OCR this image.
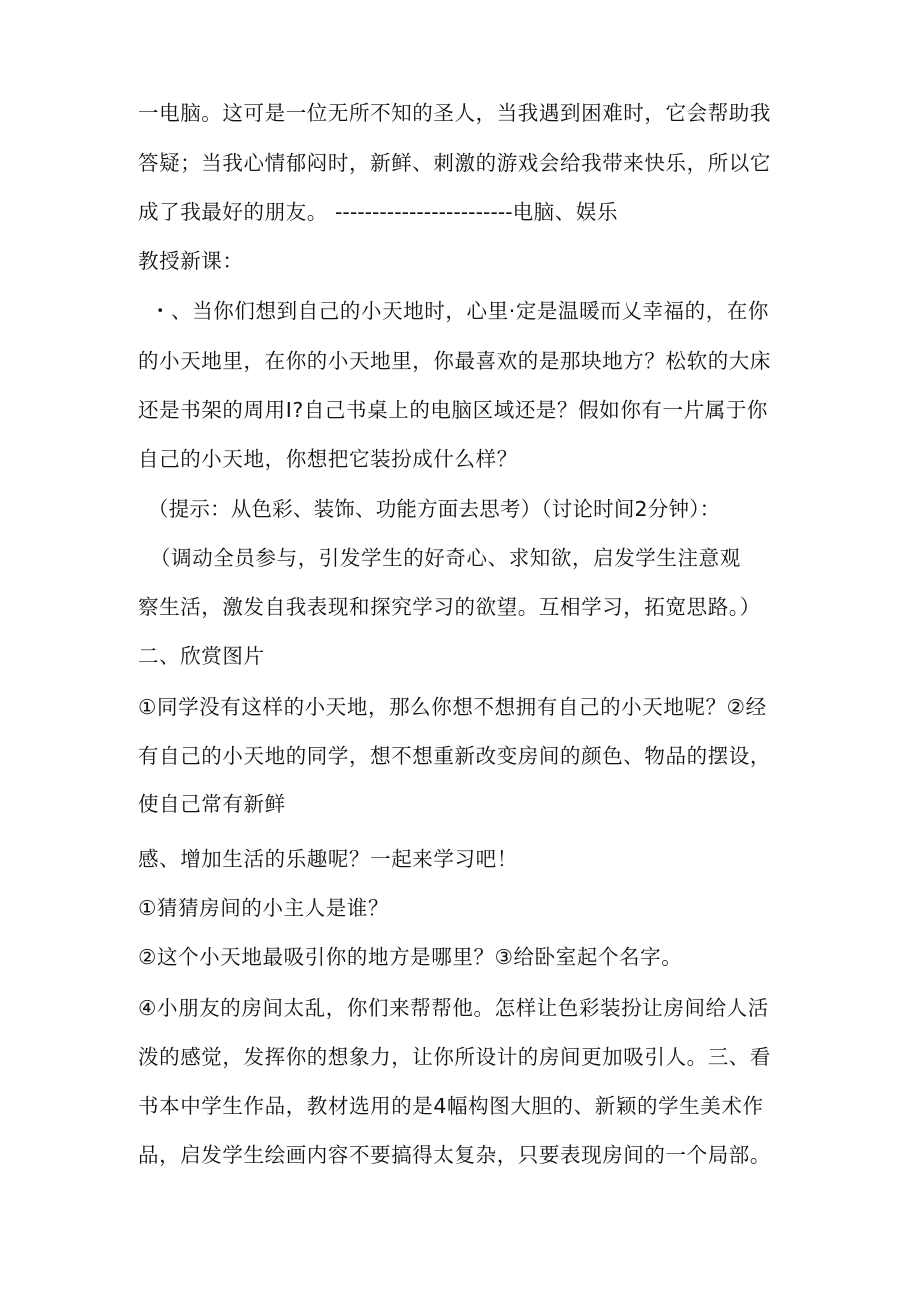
一电脑。这可是一位无所不知的圣人，当我遇到困难时，它会帮助我

答疑；当我心情郁闷时，新鲜、刺激的游戏会给我带来快乐，所以它

成了我最好的朋友。 ------------------------电脑、娱乐

教授新课：

・、当你们想到自己的小天地时，心里·定是温暖而乂幸福的，在你

的小天地里，在你的小天地里，你最喜欢的是那块地方？松软的大床

还是书架的周用I?自己书桌上的电脑区域还是？假如你有一片属于你

自己的小天地，你想把它装扮成什么样？

（提示：从色彩、装饰、功能方面去思考）（讨论时间2分钟）：

（调动全员参与，引发学生的好奇心、求知欲，启发学生注意观

察生活，激发自我表现和探究学习的欲望。互相学习，拓宽思路。）

二、欣赏图片

①同学没有这样的小天地，那么你想不想拥有自己的小天地呢？②经

有自己的小天地的同学，想不想重新改变房间的颜色、物品的摆设，

使自己常有新鲜

感、增加生活的乐趣呢？一起来学习吧！

①猜猜房间的小主人是谁？

②这个小天地最吸引你的地方是哪里？③给卧室起个名字。

④小朋友的房间太乱，你们来帮帮他。怎样让色彩装扮让房间给人活

泼的感觉，发挥你的想象力，让你所设计的房间更加吸引人。三、看

书本中学生作品，教材选用的是4幅构图大胆的、新颖的学生美术作

品，启发学生绘画内容不要搞得太复杂，只要表现房间的一个局部。
